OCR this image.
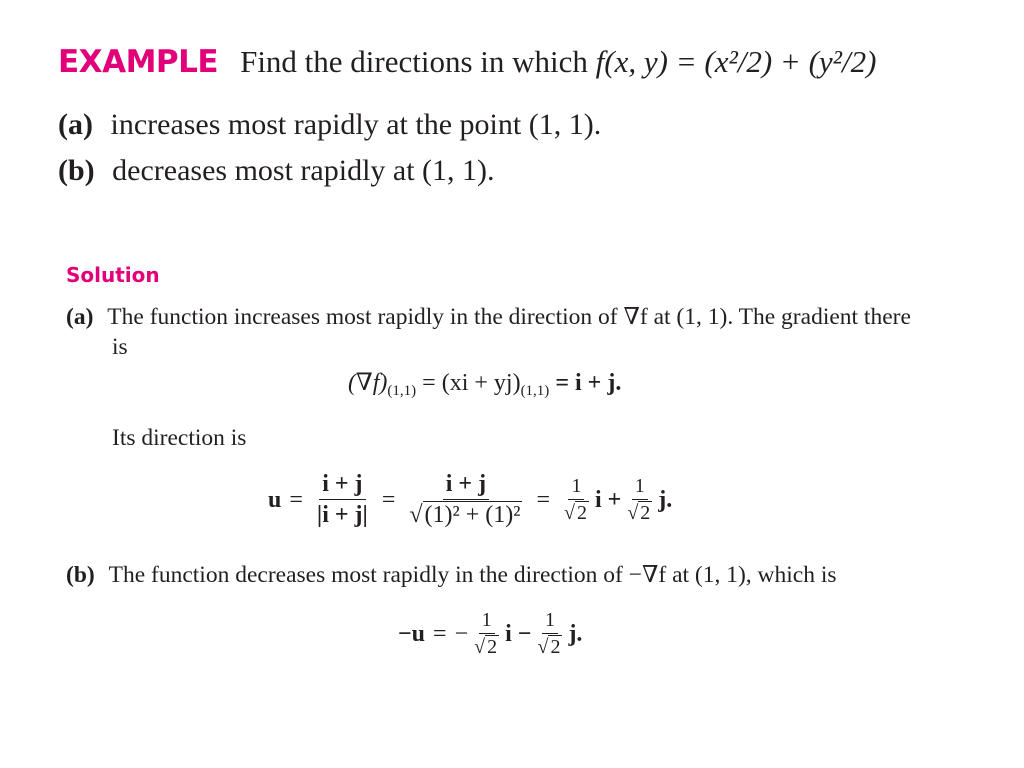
EXAMPLE Find the directions in which f(x, y) = (x²/2) + (y²/2)
(a) increases most rapidly at the point (1, 1).
(b) decreases most rapidly at (1, 1).
Solution
(a) The function increases most rapidly in the direction of ∇f at (1, 1). The gradient there
is
$(\nabla f)_{(1,1)} = (xi + yj)_{(1,1)} = i + j$.
Its direction is
$u = \frac{i + j}{|i + j|} = \frac{i + j}{\text{√(1)² + (1)²}} = \frac{1}{√ 2}$ $i + \frac{1}{√ 2} j$.
(b) The function decreases most rapidly in the direction of −∇f at (1, 1), which is
−u = − $\frac{1}{√ 2}$ $i - \frac{1}{√ 2} j$.
